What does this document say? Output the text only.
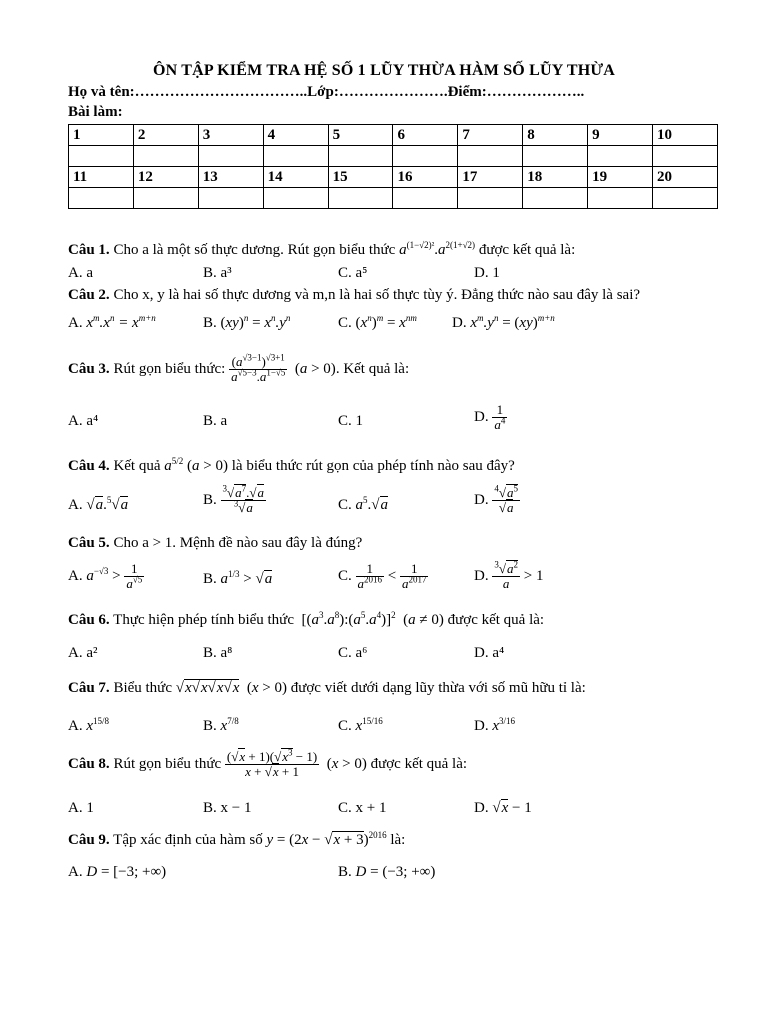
ÔN TẬP KIỂM TRA HỆ SỐ 1 LŨY THỪA HÀM SỐ LŨY THỪA
Họ và tên:……………………………..Lớp:………………….Điểm:………………..
Bài làm:
1	2	3	4	5	6	7	8	9	10

11	12	13	14	15	16	17	18	19	20

Câu 1. Cho a là một số thực dương. Rút gọn biểu thức $a^{(1-√2)^2}.a^{2(1+√2)}$ được kết quả là:
A. a	B. a³	C. a⁵	D. 1
Câu 2. Cho x, y là hai số thực dương và m,n là hai số thực tùy ý. Đẳng thức nào sau đây là sai?
A. $x^m.x^n = x^{m+n}$	B. $(xy)^n = x^n.y^n$	C. $(x^n)^m = x^{nm}$ D. $x^m.y^n = (xy)^{m+n}$
Câu 3. Rút gọn biểu thức: $\frac{(a^{√3-1})^{√3+1}}{a^{√5-3}.a^{1-√5}} (a > 0)$. Kết quả là:
A. a⁴	B. a	C. 1	D. $\frac{1}{a^4}$
Câu 4. Kết quả $a^{5/2}$ (a > 0) là biểu thức rút gọn của phép tính nào sau đây?
A. √a.$^5$√a	B. $\frac{^3√a^7.√a}{^3√a}$	C. $a^5.√a$	D. $\frac{^4√a^5}{√a}$
Câu 5. Cho a > 1. Mệnh đề nào sau đây là đúng?
A. $a^{-√3} > \frac{1}{a^{√5}}$	B. $a^{1/3} > √a$	C. $\frac{1}{a^{2016}} < \frac{1}{a^{2017}}$	D. $\frac{^3√a^2}{a} > 1$
Câu 6. Thực hiện phép tính biểu thức  $[(a^3.a^8):(a^5.a^4)]^2$  (a ≠ 0) được kết quả là:
A. a²	B. a⁸	C. a⁶	D. a⁴
Câu 7. Biểu thức √x√x√x√x  (x > 0) được viết dưới dạng lũy thừa với số mũ hữu tỉ là:
A. $x^{15/8}$	B. $x^{7/8}$	C. $x^{15/16}$	D. $x^{3/16}$
Câu 8. Rút gọn biểu thức $\frac{(√x + 1)(√x^3 - 1)}{x + √x + 1} (x > 0)$ được kết quả là:
A. 1	B. x − 1	C. x + 1	D. √x − 1
Câu 9. Tập xác định của hàm số $y = (2x - √x + 3)^{2016}$ là:
A. D = [−3; +∞)	B. D = (−3; +∞)
